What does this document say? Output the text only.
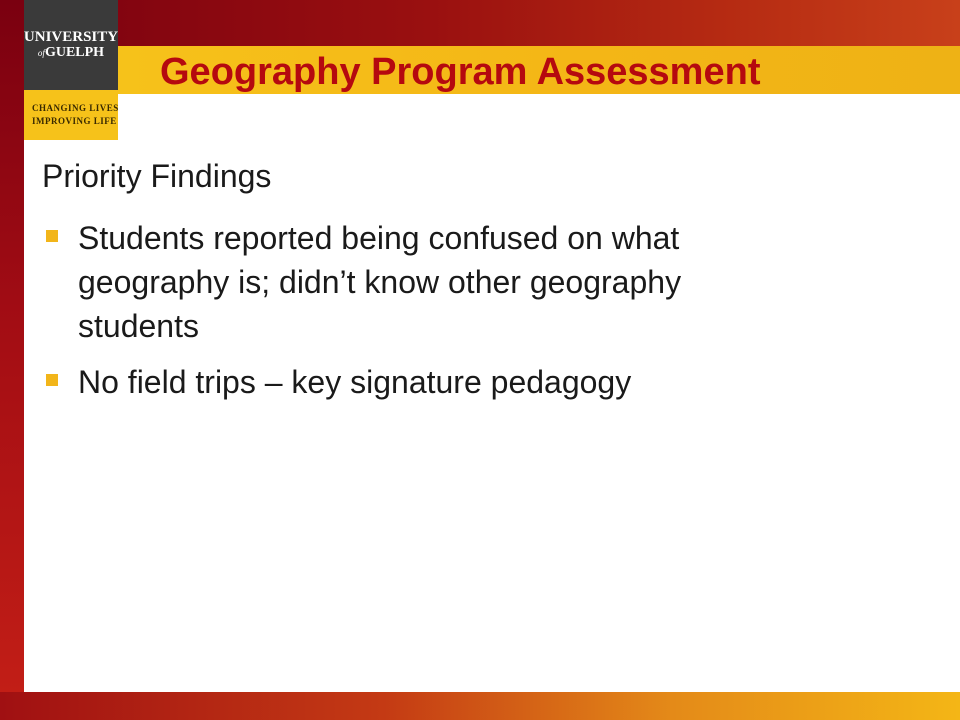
UNIVERSITY
ofGUELPH
CHANGING LIVES
IMPROVING LIFE
Geography Program Assessment
Priority Findings
Students reported being confused on what geography is; didn’t know other geography students
No field trips – key signature pedagogy
